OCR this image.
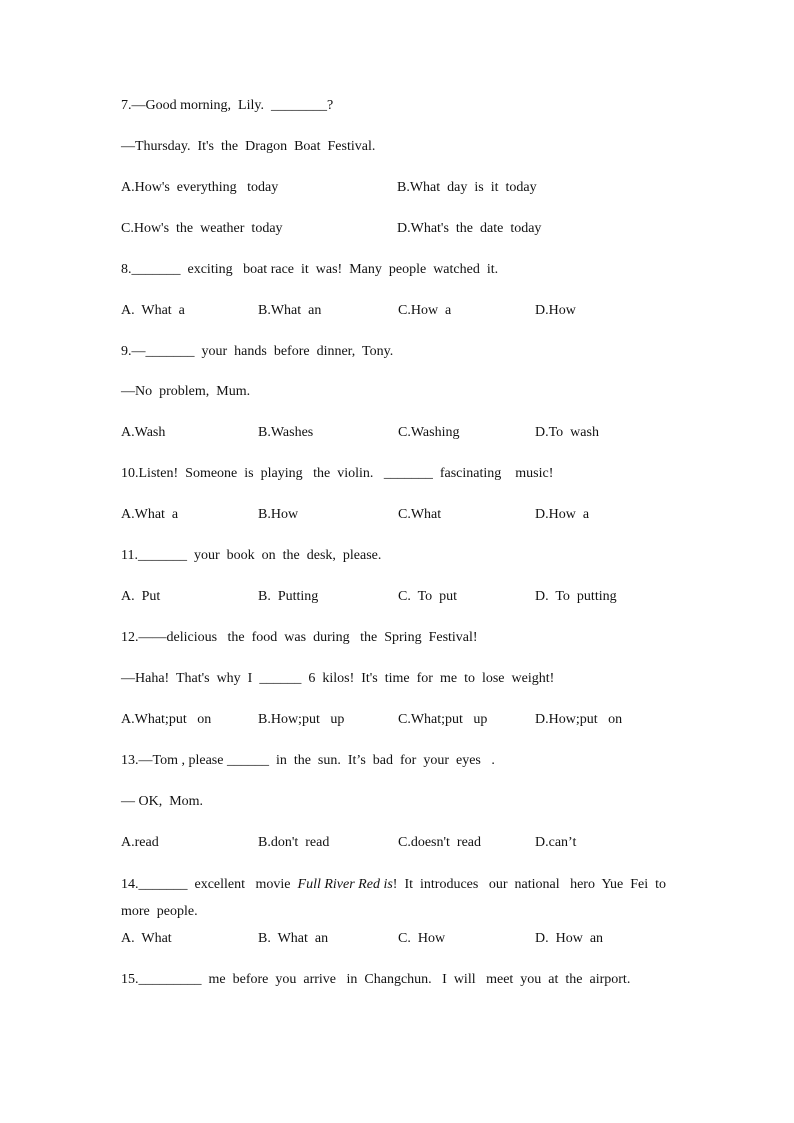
7.—Good morning,  Lily.  ________?
—Thursday.  It's  the  Dragon  Boat  Festival.
A.How's  everything   today	B.What  day  is  it  today
C.How's  the  weather  today	D.What's  the  date  today
8._______  exciting   boat race  it  was!  Many  people  watched  it.
A.  What  a	B.What  an	C.How  a	D.How
9.—_______  your  hands  before  dinner,  Tony.
—No  problem,  Mum.
A.Wash	B.Washes	C.Washing	D.To  wash
10.Listen!  Someone  is  playing   the  violin.   _______  fascinating    music!
A.What  a	B.How	C.What	D.How  a
11._______  your  book  on  the  desk,  please.
A.  Put	B.  Putting	C.  To  put	D.  To  putting
12.——delicious   the  food  was  during   the  Spring  Festival!
—Haha!  That's  why  I  ______  6  kilos!  It's  time  for  me  to  lose  weight!
A.What;put   on	B.How;put   up	C.What;put   up	D.How;put   on
13.—Tom , please ______  in  the  sun.  It’s  bad  for  your  eyes   .
— OK,  Mom.
A.read	B.don't  read	C.doesn't  read	D.can’t
14._______  excellent   movie  Full River Red is!  It  introduces   our  national   hero  Yue  Fei  to  more  people.
A.  What	B.  What  an	C.  How	D.  How  an
15._________  me  before  you  arrive   in  Changchun.   I  will   meet  you  at  the  airport.
